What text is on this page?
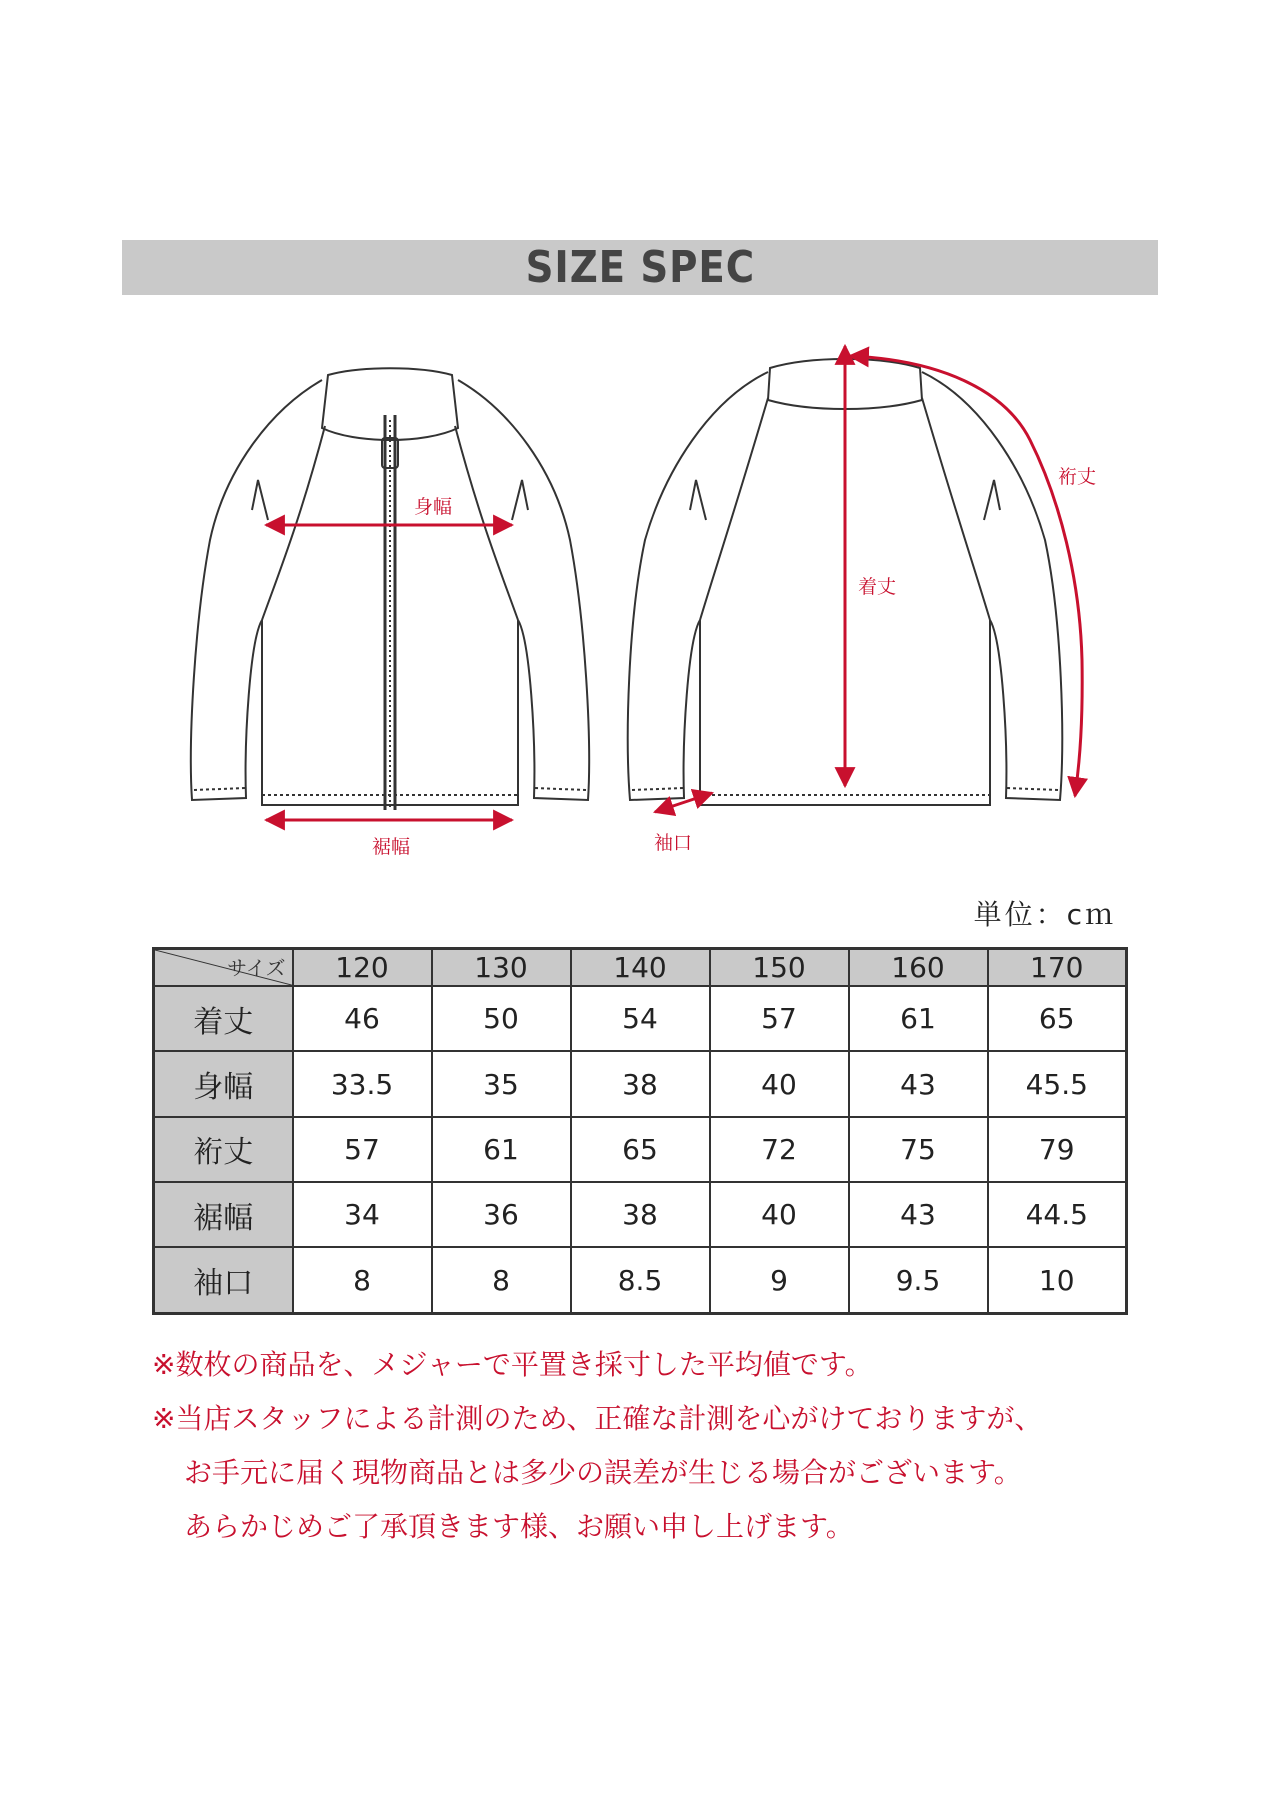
SIZE SPEC
身幅
裾幅
着丈
裄丈
袖口
単位：cｍ
サイズ	120	130	140	150	160	170
着丈	46	50	54	57	61	65
身幅	33.5	35	38	40	43	45.5
裄丈	57	61	65	72	75	79
裾幅	34	36	38	40	43	44.5
袖口	8	8	8.5	9	9.5	10
※数枚の商品を、メジャーで平置き採寸した平均値です。
※当店スタッフによる計測のため、正確な計測を心がけておりますが、
お手元に届く現物商品とは多少の誤差が生じる場合がございます。
あらかじめご了承頂きます様、お願い申し上げます。
